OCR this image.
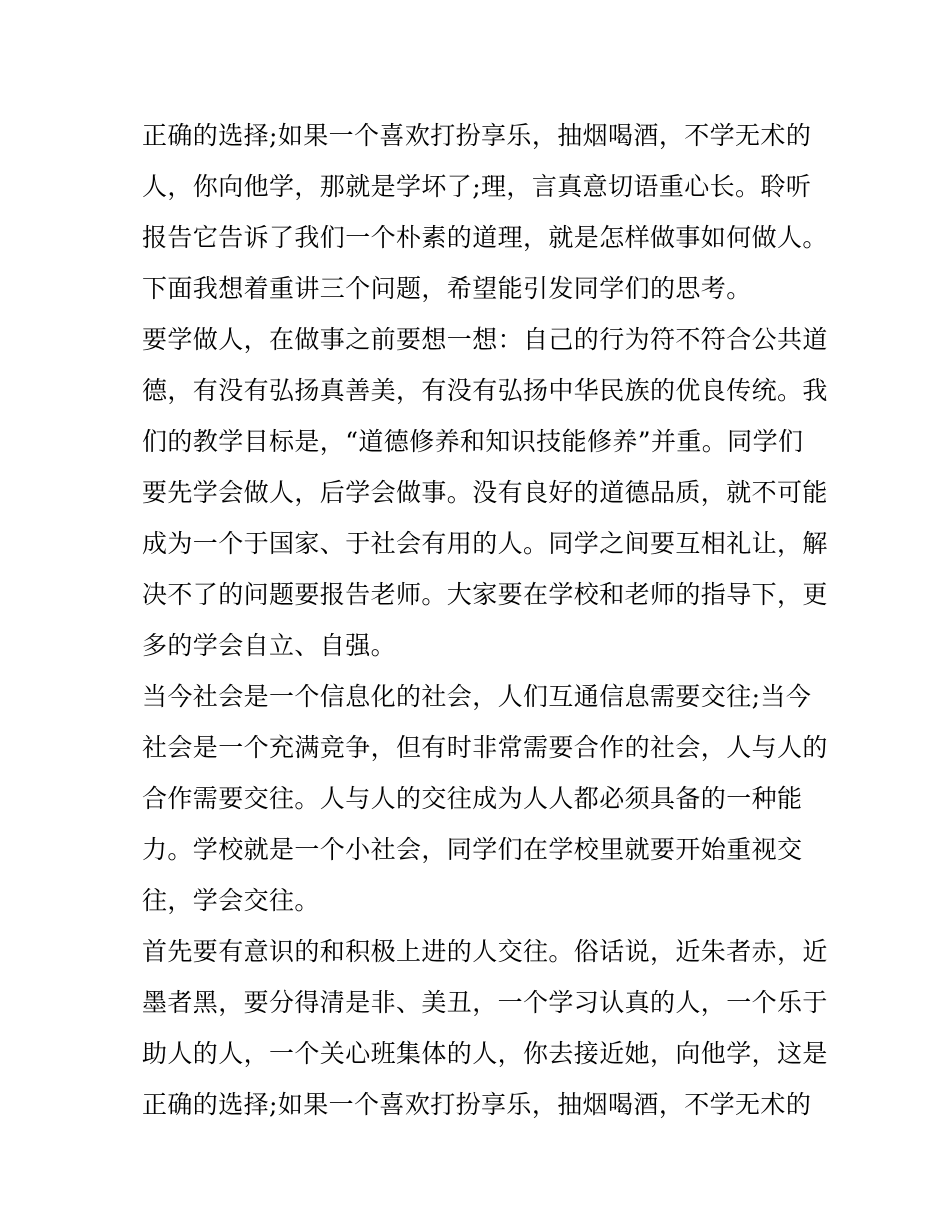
正确的选择;如果一个喜欢打扮享乐，抽烟喝酒，不学无术的
人，你向他学，那就是学坏了;理，言真意切语重心长。聆听
报告它告诉了我们一个朴素的道理，就是怎样做事如何做人。
下面我想着重讲三个问题，希望能引发同学们的思考。
要学做人，在做事之前要想一想：自己的行为符不符合公共道
德，有没有弘扬真善美，有没有弘扬中华民族的优良传统。我
们的教学目标是，“道德修养和知识技能修养”并重。同学们
要先学会做人，后学会做事。没有良好的道德品质，就不可能
成为一个于国家、于社会有用的人。同学之间要互相礼让，解
决不了的问题要报告老师。大家要在学校和老师的指导下，更
多的学会自立、自强。
当今社会是一个信息化的社会，人们互通信息需要交往;当今
社会是一个充满竞争，但有时非常需要合作的社会，人与人的
合作需要交往。人与人的交往成为人人都必须具备的一种能
力。学校就是一个小社会，同学们在学校里就要开始重视交
往，学会交往。
首先要有意识的和积极上进的人交往。俗话说，近朱者赤，近
墨者黑，要分得清是非、美丑，一个学习认真的人，一个乐于
助人的人，一个关心班集体的人，你去接近她，向他学，这是
正确的选择;如果一个喜欢打扮享乐，抽烟喝酒，不学无术的
